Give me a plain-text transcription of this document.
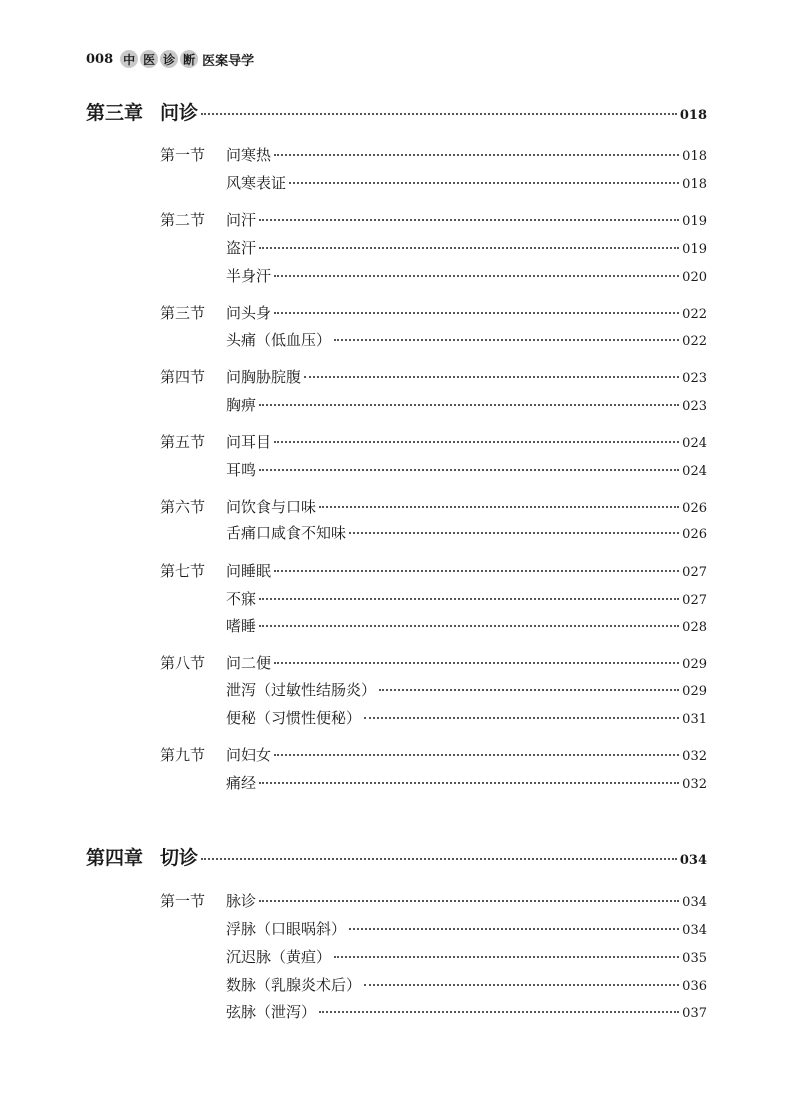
008 中 医 诊 断 医案导学
第三章 问诊	018
第一节	问寒热	018
风寒表证	018
第二节	问汗	019
盗汗	019
半身汗	020
第三节	问头身	022
头痛（低血压）	022
第四节	问胸胁脘腹	023
胸痹	023
第五节	问耳目	024
耳鸣	024
第六节	问饮食与口味	026
舌痛口咸食不知味	026
第七节	问睡眠	027
不寐	027
嗜睡	028
第八节	问二便	029
泄泻（过敏性结肠炎）	029
便秘（习惯性便秘）	031
第九节	问妇女	032
痛经	032
第四章 切诊	034
第一节	脉诊	034
浮脉（口眼㖞斜）	034
沉迟脉（黄疸）	035
数脉（乳腺炎术后）	036
弦脉（泄泻）	037
